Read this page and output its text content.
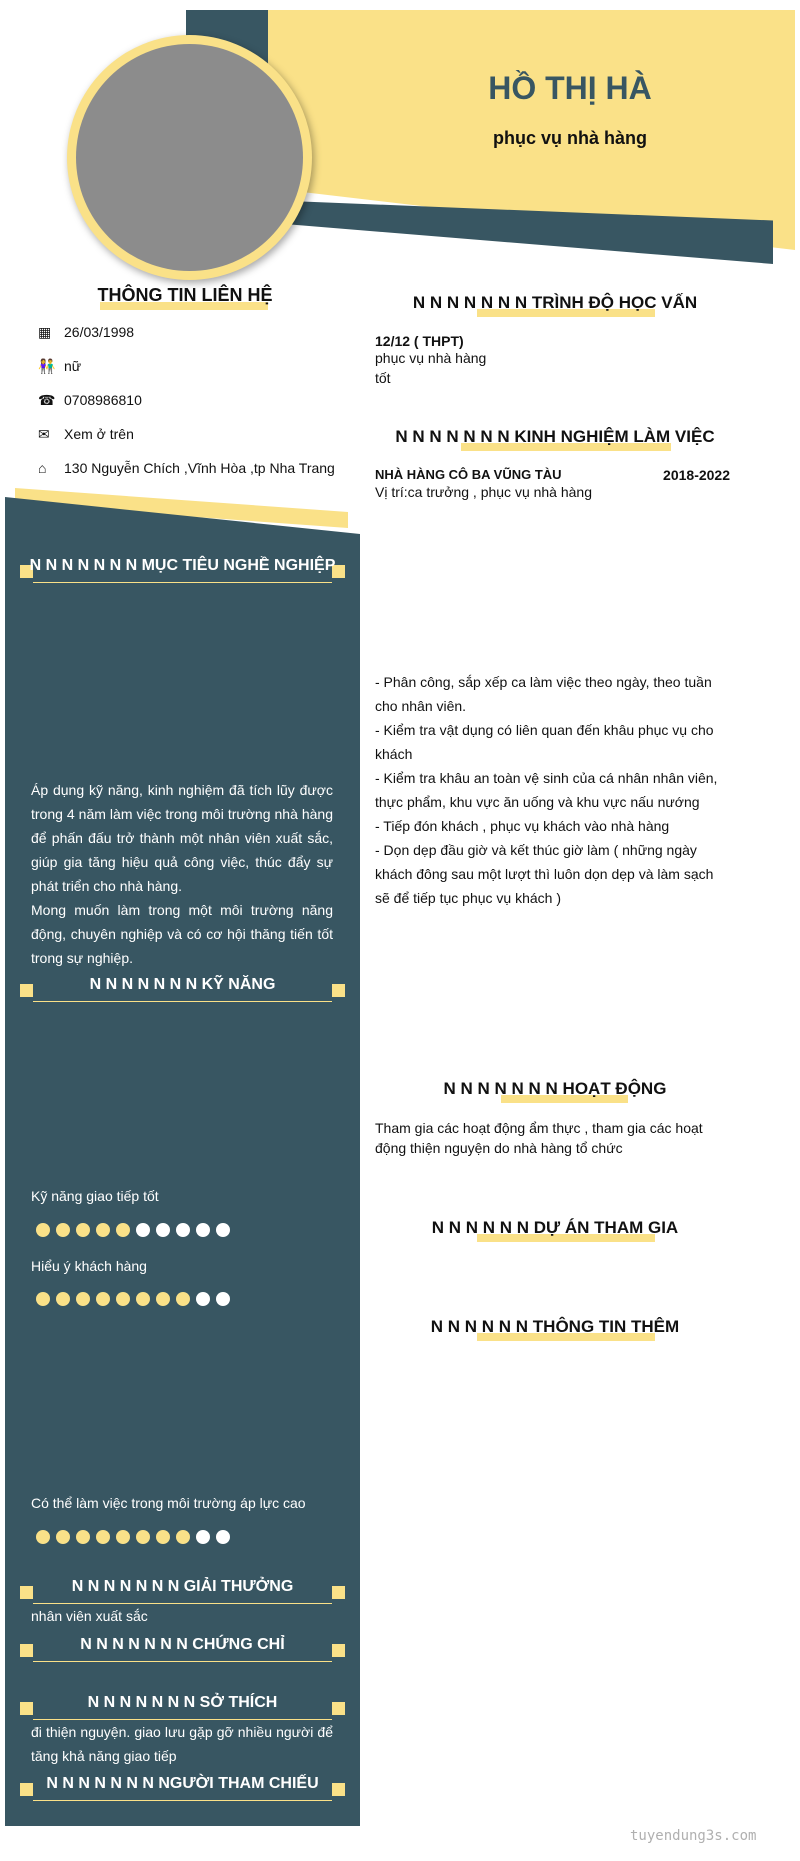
HỒ THỊ HÀ
phục vụ nhà hàng
THÔNG TIN LIÊN HỆ
▦ 26/03/1998
👫 nữ
☎ 0708986810
✉	Xem ở trên
⌂	130 Nguyễn Chích ,Vĩnh Hòa ,tp Nha Trang
N N N N N N N MỤC TIÊU NGHỀ NGHIỆP
Áp dụng kỹ năng, kinh nghiệm đã tích lũy được trong 4 năm làm việc trong môi trường nhà hàng để phấn đấu trở thành một nhân viên xuất sắc, giúp gia tăng hiệu quả công việc, thúc đẩy sự phát triển cho nhà hàng.
Mong muốn làm trong một môi trường năng động, chuyên nghiệp và có cơ hội thăng tiến tốt trong sự nghiệp.
N N N N N N N KỸ NĂNG
Kỹ năng giao tiếp tốt
Hiểu ý khách hàng
Có thể làm việc trong môi trường áp lực cao
N N N N N N N GIẢI THƯỞNG
nhân viên xuất sắc
N N N N N N N CHỨNG CHỈ
N N N N N N N SỞ THÍCH
đi thiện nguyện. giao lưu gặp gỡ nhiều người để tăng khả năng giao tiếp
N N N N N N N NGƯỜI THAM CHIẾU
N N N N N N N TRÌNH ĐỘ HỌC VẤN
12/12 ( THPT)
phục vụ nhà hàng
tốt
N N N N N N N KINH NGHIỆM LÀM VIỆC
NHÀ HÀNG CÔ BA VŨNG TÀU	2018-2022
Vị trí:ca trưởng , phục vụ nhà hàng
- Phân công, sắp xếp ca làm việc theo ngày, theo tuần cho nhân viên.
- Kiểm tra vật dụng có liên quan đến khâu phục vụ cho khách
- Kiểm tra khâu an toàn vệ sinh của cá nhân nhân viên, thực phẩm, khu vực ăn uống và khu vực nấu nướng
- Tiếp đón khách , phục vụ khách vào nhà hàng
- Dọn dẹp đầu giờ và kết thúc giờ làm ( những ngày khách đông sau một lượt thì luôn dọn dẹp và làm sạch sẽ để tiếp tục phục vụ khách )
N N N N N N N HOẠT ĐỘNG
Tham gia các hoạt động ẩm thực , tham gia các hoạt động thiện nguyện do nhà hàng tổ chức
N N N N N N DỰ ÁN THAM GIA
N N N N N N THÔNG TIN THÊM
tuyendung3s.com
